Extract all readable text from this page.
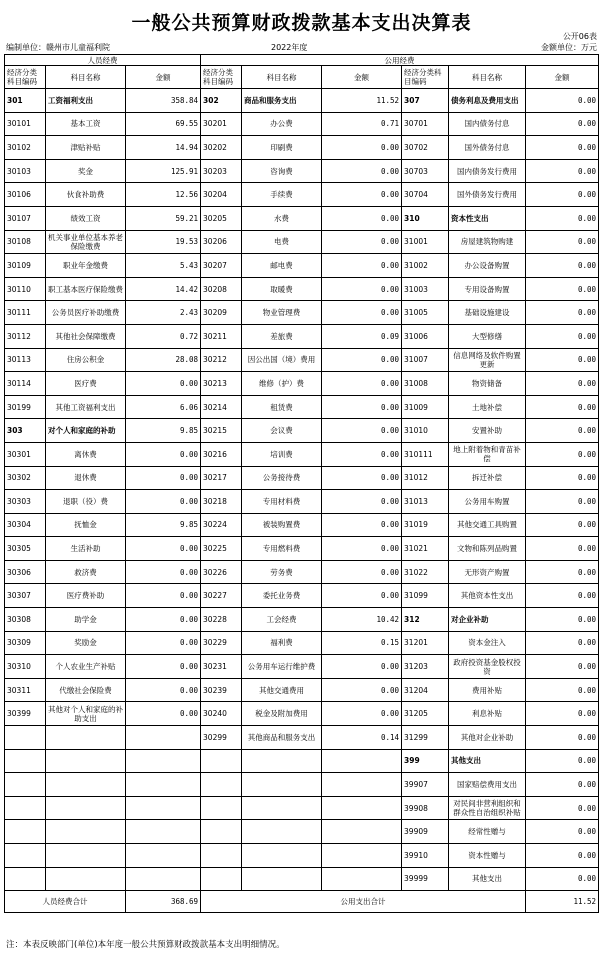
一般公共预算财政拨款基本支出决算表
公开06表
编制单位：赣州市儿童福利院	2022年度	金额单位：万元
人员经费			公用经费					
经济分类科目编码	科目名称	金额	经济分类科目编码	科目名称	金额	经济分类科目编码	科目名称	金额
301	工资福利支出	358.84	302	商品和服务支出	11.52	307	债务利息及费用支出	0.00
30101	基本工资	69.55	30201	办公费	0.71	30701	国内债务付息	0.00
30102	津贴补贴	14.94	30202	印刷费	0.00	30702	国外债务付息	0.00
30103	奖金	125.91	30203	咨询费	0.00	30703	国内债务发行费用	0.00
30106	伙食补助费	12.56	30204	手续费	0.00	30704	国外债务发行费用	0.00
30107	绩效工资	59.21	30205	水费	0.00	310	资本性支出	0.00
30108	机关事业单位基本养老保险缴费	19.53	30206	电费	0.00	31001	房屋建筑物购建	0.00
30109	职业年金缴费	5.43	30207	邮电费	0.00	31002	办公设备购置	0.00
30110	职工基本医疗保险缴费	14.42	30208	取暖费	0.00	31003	专用设备购置	0.00
30111	公务员医疗补助缴费	2.43	30209	物业管理费	0.00	31005	基础设施建设	0.00
30112	其他社会保障缴费	0.72	30211	差旅费	0.09	31006	大型修缮	0.00
30113	住房公积金	28.08	30212	因公出国（境）费用	0.00	31007	信息网络及软件购置更新	0.00
30114	医疗费	0.00	30213	维修（护）费	0.00	31008	物资储备	0.00
30199	其他工资福利支出	6.06	30214	租赁费	0.00	31009	土地补偿	0.00
303	对个人和家庭的补助	9.85	30215	会议费	0.00	31010	安置补助	0.00
30301	离休费	0.00	30216	培训费	0.00	310111	地上附着物和青苗补偿	0.00
30302	退休费	0.00	30217	公务接待费	0.00	31012	拆迁补偿	0.00
30303	退职（役）费	0.00	30218	专用材料费	0.00	31013	公务用车购置	0.00
30304	抚恤金	9.85	30224	被装购置费	0.00	31019	其他交通工具购置	0.00
30305	生活补助	0.00	30225	专用燃料费	0.00	31021	文物和陈列品购置	0.00
30306	救济费	0.00	30226	劳务费	0.00	31022	无形资产购置	0.00
30307	医疗费补助	0.00	30227	委托业务费	0.00	31099	其他资本性支出	0.00
30308	助学金	0.00	30228	工会经费	10.42	312	对企业补助	0.00
30309	奖励金	0.00	30229	福利费	0.15	31201	资本金注入	0.00
30310	个人农业生产补贴	0.00	30231	公务用车运行维护费	0.00	31203	政府投资基金股权投资	0.00
30311	代缴社会保险费	0.00	30239	其他交通费用	0.00	31204	费用补贴	0.00
30399	其他对个人和家庭的补助支出	0.00	30240	税金及附加费用	0.00	31205	利息补贴	0.00
			30299	其他商品和服务支出	0.14	31299	其他对企业补助	0.00
						399	其他支出	0.00
						39907	国家赔偿费用支出	0.00
						39908	对民间非营利组织和群众性自治组织补贴	0.00
						39909	经常性赠与	0.00
						39910	资本性赠与	0.00
						39999	其他支出	0.00
人员经费合计		368.69	公用支出合计					11.52
注：本表反映部门(单位)本年度一般公共预算财政拨款基本支出明细情况。
